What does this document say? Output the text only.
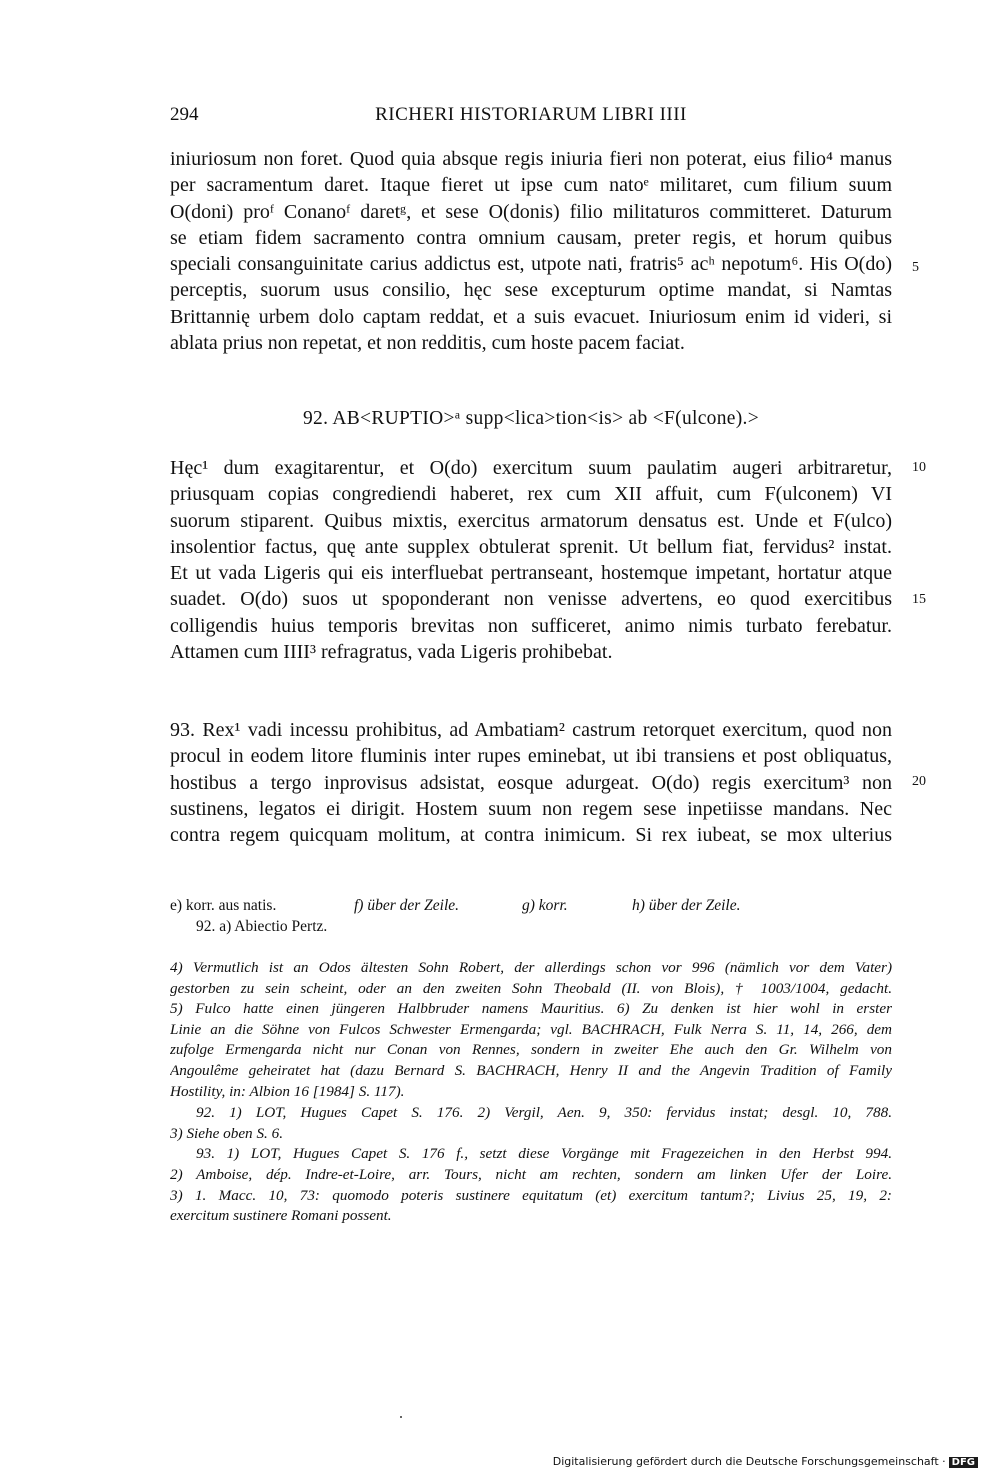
294	RICHERI HISTORIARUM LIBRI IIII
iniuriosum non foret. Quod quia absque regis iniuria fieri non poterat, eius filio⁴ manus
per sacramentum daret. Itaque fieret ut ipse cum natoᵉ militaret, cum filium suum
O(doni) proᶠ Conanoᶠ daretᵍ, et sese O(donis) filio militaturos committeret. Daturum
se etiam fidem sacramento contra omnium causam, preter regis, et horum quibus
speciali consanguinitate carius addictus est, utpote nati, fratris⁵ acʰ nepotum⁶. His O(do)
perceptis, suorum usus consilio, hęc sese excepturum optime mandat, si Namtas
Brittannię urbem dolo captam reddat, et a suis evacuet. Iniuriosum enim id videri, si
ablata prius non repetat, et non redditis, cum hoste pacem faciat.
92. AB<RUPTIO>ᵃ supp<lica>tion<is> ab <F(ulcone).>
Hęc¹ dum exagitarentur, et O(do) exercitum suum paulatim augeri arbitraretur,
priusquam copias congrediendi haberet, rex cum XII affuit, cum F(ulconem) VI
suorum stiparent. Quibus mixtis, exercitus armatorum densatus est. Unde et F(ulco)
insolentior factus, quę ante supplex obtulerat sprenit. Ut bellum fiat, fervidus² instat.
Et ut vada Ligeris qui eis interfluebat pertranseant, hostemque impetant, hortatur atque
suadet. O(do) suos ut spoponderant non venisse advertens, eo quod exercitibus
colligendis huius temporis brevitas non sufficeret, animo nimis turbato ferebatur.
Attamen cum IIII³ refragratus, vada Ligeris prohibebat.
93. Rex¹ vadi incessu prohibitus, ad Ambatiam² castrum retorquet exercitum, quod non
procul in eodem litore fluminis inter rupes eminebat, ut ibi transiens et post obliquatus,
hostibus a tergo inprovisus adsistat, eosque adurgeat. O(do) regis exercitum³ non
sustinens, legatos ei dirigit. Hostem suum non regem sese inpetiisse mandans. Nec
contra regem quicquam molitum, at contra inimicum. Si rex iubeat, se mox ulterius
5
10
15
20
e) korr. aus natis.	f) über der Zeile.	g) korr.	h) über der Zeile.
92. a) Abiectio Pertz.
4) Vermutlich ist an Odos ältesten Sohn Robert, der allerdings schon vor 996 (nämlich vor dem Vater)
gestorben zu sein scheint, oder an den zweiten Sohn Theobald (II. von Blois), † 1003/1004, gedacht.
5) Fulco hatte einen jüngeren Halbbruder namens Mauritius. 6) Zu denken ist hier wohl in erster
Linie an die Söhne von Fulcos Schwester Ermengarda; vgl. BACHRACH, Fulk Nerra S. 11, 14, 266, dem
zufolge Ermengarda nicht nur Conan von Rennes, sondern in zweiter Ehe auch den Gr. Wilhelm von
Angoulême geheiratet hat (dazu Bernard S. BACHRACH, Henry II and the Angevin Tradition of Family
Hostility, in: Albion 16 [1984] S. 117).
92. 1) LOT, Hugues Capet S. 176. 2) Vergil, Aen. 9, 350: fervidus instat; desgl. 10, 788.
3) Siehe oben S. 6.
93. 1) LOT, Hugues Capet S. 176 f., setzt diese Vorgänge mit Fragezeichen in den Herbst 994.
2) Amboise, dép. Indre-et-Loire, arr. Tours, nicht am rechten, sondern am linken Ufer der Loire.
3) 1. Macc. 10, 73: quomodo poteris sustinere equitatum (et) exercitum tantum?; Livius 25, 19, 2:
exercitum sustinere Romani possent.
Digitalisierung gefördert durch die Deutsche Forschungsgemeinschaft · DFG
